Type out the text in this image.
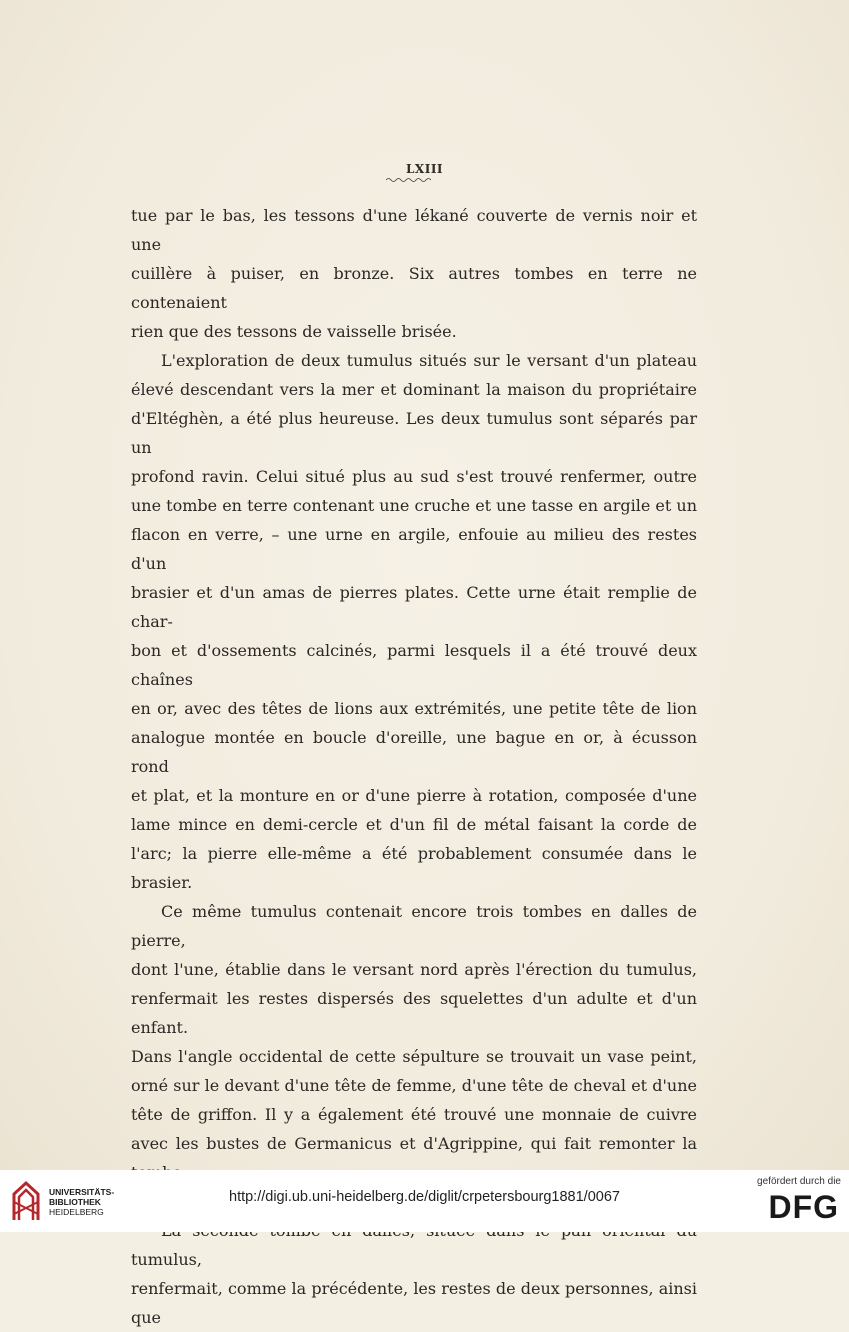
LXIII

tue par le bas, les tessons d'une lékané couverte de vernis noir et une

cuillère à puiser, en bronze. Six autres tombes en terre ne contenaient

rien que des tessons de vaisselle brisée.

L'exploration de deux tumulus situés sur le versant d'un plateau

élevé descendant vers la mer et dominant la maison du propriétaire

d'Eltéghèn, a été plus heureuse. Les deux tumulus sont séparés par un

profond ravin. Celui situé plus au sud s'est trouvé renfermer, outre

une tombe en terre contenant une cruche et une tasse en argile et un

flacon en verre, – une urne en argile, enfouie au milieu des restes d'un

brasier et d'un amas de pierres plates. Cette urne était remplie de char-

bon et d'ossements calcinés, parmi lesquels il a été trouvé deux chaînes

en or, avec des têtes de lions aux extrémités, une petite tête de lion

analogue montée en boucle d'oreille, une bague en or, à écusson rond

et plat, et la monture en or d'une pierre à rotation, composée d'une

lame mince en demi-cercle et d'un fil de métal faisant la corde de

l'arc; la pierre elle-même a été probablement consumée dans le brasier.

Ce même tumulus contenait encore trois tombes en dalles de pierre,

dont l'une, établie dans le versant nord après l'érection du tumulus,

renfermait les restes dispersés des squelettes d'un adulte et d'un enfant.

Dans l'angle occidental de cette sépulture se trouvait un vase peint,

orné sur le devant d'une tête de femme, d'une tête de cheval et d'une

tête de griffon. Il y a également été trouvé une monnaie de cuivre

avec les bustes de Germanicus et d'Agrippine, qui fait remonter la

tumulus,

renfermait, comme la précédente, les restes de deux personnes, ainsi que

UNIVERSITÄTS-
BIBLIOTHEK
HEIDELBERG
http://digi.ub.uni-heidelberg.de/diglit/crpetersbourg1881/0067
gefördert durch die
DFG
